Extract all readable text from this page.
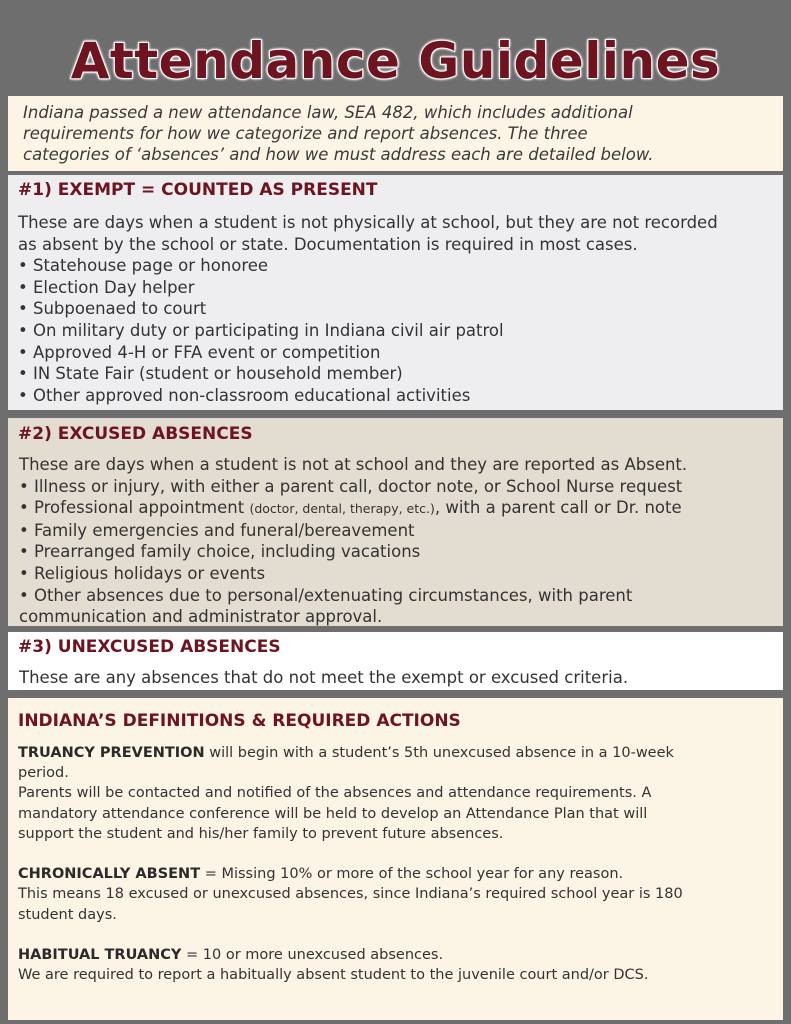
Attendance Guidelines
Indiana passed a new attendance law, SEA 482, which includes additional
requirements for how we categorize and report absences. The three
categories of ‘absences’ and how we must address each are detailed below.
#1) EXEMPT = COUNTED AS PRESENT
These are days when a student is not physically at school, but they are not recorded
as absent by the school or state. Documentation is required in most cases.
• Statehouse page or honoree
• Election Day helper
• Subpoenaed to court
• On military duty or participating in Indiana civil air patrol
• Approved 4-H or FFA event or competition
• IN State Fair (student or household member)
• Other approved non-classroom educational activities
#2) EXCUSED ABSENCES
These are days when a student is not at school and they are reported as Absent.
• Illness or injury, with either a parent call, doctor note, or School Nurse request
• Professional appointment (doctor, dental, therapy, etc.), with a parent call or Dr. note
• Family emergencies and funeral/bereavement
• Prearranged family choice, including vacations
• Religious holidays or events
• Other absences due to personal/extenuating circumstances, with parent
communication and administrator approval.
#3) UNEXCUSED ABSENCES
These are any absences that do not meet the exempt or excused criteria.
INDIANA’S DEFINITIONS & REQUIRED ACTIONS

TRUANCY PREVENTION will begin with a student’s 5th unexcused absence in a 10-week

period.

Parents will be contacted and notified of the absences and attendance requirements. A

mandatory attendance conference will be held to develop an Attendance Plan that will

support the student and his/her family to prevent future absences.

CHRONICALLY ABSENT = Missing 10% or more of the school year for any reason.

This means 18 excused or unexcused absences, since Indiana’s required school year is 180

student days.

HABITUAL TRUANCY = 10 or more unexcused absences.

We are required to report a habitually absent student to the juvenile court and/or DCS.
